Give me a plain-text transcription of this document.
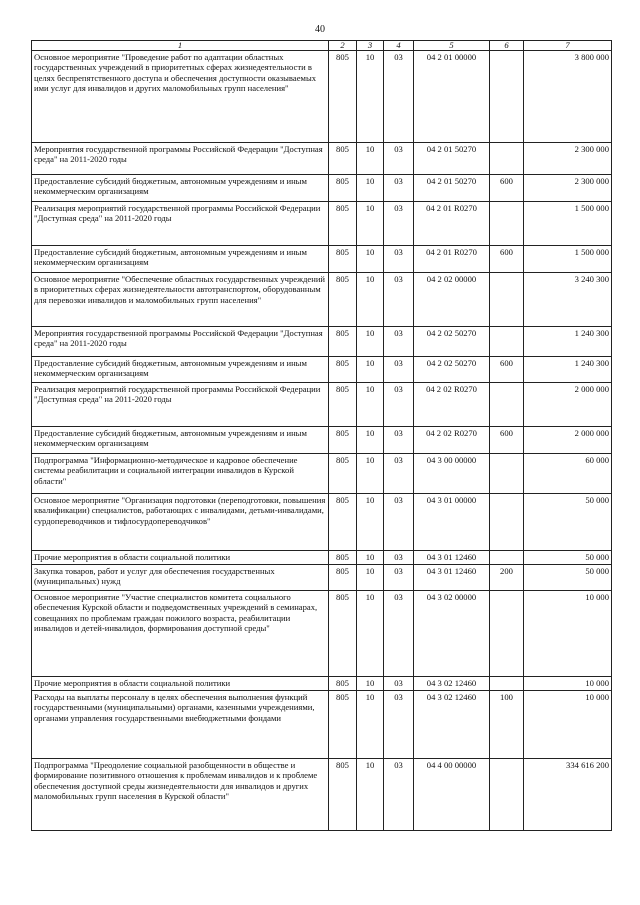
40
1	2	3	4	5	6	7
Основное мероприятие "Проведение работ по адаптации областных государственных учреждений в приоритетных сферах жизнедеятельности в целях беспрепятственного доступа и обеспечения доступности оказываемых ими услуг для инвалидов и других маломобильных групп населения"	805	10	03	04 2 01 00000		3 800 000
Мероприятия государственной программы Российской Федерации "Доступная среда" на 2011-2020 годы	805	10	03	04 2 01 50270		2 300 000
Предоставление субсидий бюджетным, автономным учреждениям и иным некоммерческим организациям	805	10	03	04 2 01 50270	600	2 300 000
Реализация мероприятий государственной программы Российской Федерации "Доступная среда" на 2011-2020 годы	805	10	03	04 2 01 R0270		1 500 000
Предоставление субсидий бюджетным, автономным учреждениям и иным некоммерческим организациям	805	10	03	04 2 01 R0270	600	1 500 000
Основное мероприятие "Обеспечение областных государственных учреждений в приоритетных сферах жизнедеятельности автотранспортом, оборудованным для перевозки инвалидов и маломобильных групп населения"	805	10	03	04 2 02 00000		3 240 300
Мероприятия государственной программы Российской Федерации "Доступная среда" на 2011-2020 годы	805	10	03	04 2 02 50270		1 240 300
Предоставление субсидий бюджетным, автономным учреждениям и иным некоммерческим организациям	805	10	03	04 2 02 50270	600	1 240 300
Реализация мероприятий государственной программы Российской Федерации "Доступная среда" на 2011-2020 годы	805	10	03	04 2 02 R0270		2 000 000
Предоставление субсидий бюджетным, автономным учреждениям и иным некоммерческим организациям	805	10	03	04 2 02 R0270	600	2 000 000
Подпрограмма "Информационно-методическое и кадровое обеспечение системы реабилитации и социальной интеграции инвалидов в Курской области"	805	10	03	04 3 00 00000		60 000
Основное мероприятие "Организация подготовки (переподготовки, повышения квалификации) специалистов, работающих с инвалидами, детьми-инвалидами, сурдопереводчиков и тифлосурдопереводчиков"	805	10	03	04 3 01 00000		50 000
Прочие мероприятия в области социальной политики	805	10	03	04 3 01 12460		50 000
Закупка товаров, работ и услуг для обеспечения государственных (муниципальных) нужд	805	10	03	04 3 01 12460	200	50 000
Основное мероприятие "Участие специалистов комитета социального обеспечения Курской области и подведомственных учреждений в семинарах, совещаниях по проблемам граждан пожилого возраста, реабилитации инвалидов и детей-инвалидов, формирования доступной среды"	805	10	03	04 3 02 00000		10 000
Прочие мероприятия в области социальной политики	805	10	03	04 3 02 12460		10 000
Расходы на выплаты персоналу в целях обеспечения выполнения функций государственными (муниципальными) органами, казенными учреждениями, органами управления государственными внебюджетными фондами	805	10	03	04 3 02 12460	100	10 000
Подпрограмма "Преодоление социальной разобщенности в обществе и формирование позитивного отношения к проблемам инвалидов и к проблеме обеспечения доступной среды жизнедеятельности для инвалидов и других маломобильных групп населения в Курской области"	805	10	03	04 4 00 00000		334 616 200
